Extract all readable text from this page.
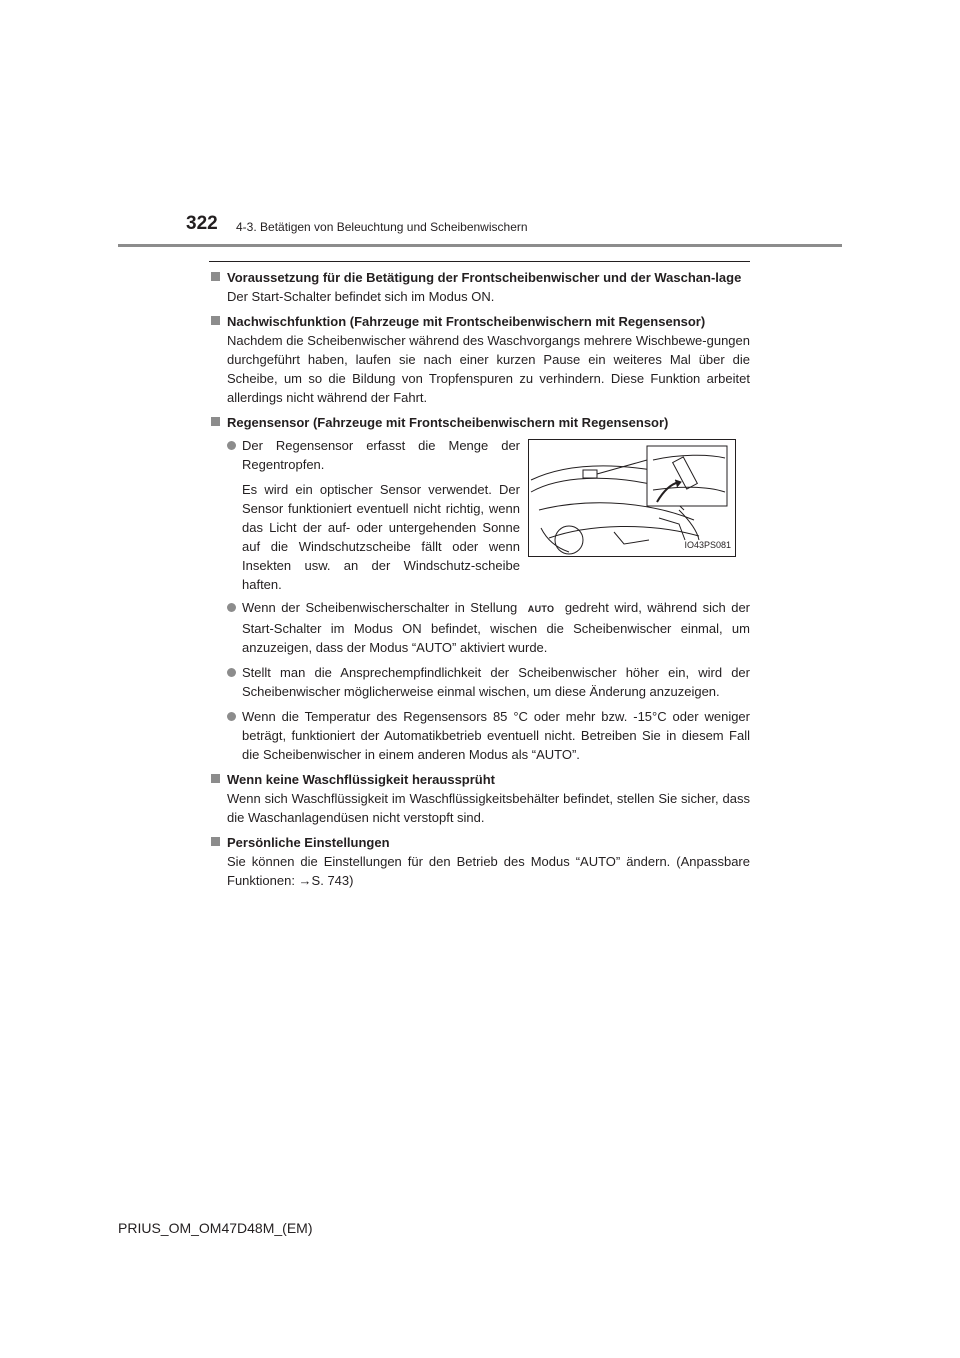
322 4-3. Betätigen von Beleuchtung und Scheibenwischern
Voraussetzung für die Betätigung der Frontscheibenwischer und der Waschan-lage
Der Start-Schalter befindet sich im Modus ON.
Nachwischfunktion (Fahrzeuge mit Frontscheibenwischern mit Regensensor)
Nachdem die Scheibenwischer während des Waschvorgangs mehrere Wischbewe-gungen durchgeführt haben, laufen sie nach einer kurzen Pause ein weiteres Mal über die Scheibe, um so die Bildung von Tropfenspuren zu verhindern. Diese Funktion arbeitet allerdings nicht während der Fahrt.
Regensensor (Fahrzeuge mit Frontscheibenwischern mit Regensensor)
Der Regensensor erfasst die Menge der Regentropfen.
Es wird ein optischer Sensor verwendet. Der Sensor funktioniert eventuell nicht richtig, wenn das Licht der auf- oder untergehenden Sonne auf die Windschutzscheibe fällt oder wenn Insekten usw. an der Windschutz-scheibe haften.
IO43PS081
Wenn der Scheibenwischerschalter in Stellung AUTO gedreht wird, während sich der Start-Schalter im Modus ON befindet, wischen die Scheibenwischer einmal, um anzuzeigen, dass der Modus “AUTO” aktiviert wurde.
Stellt man die Ansprechempfindlichkeit der Scheibenwischer höher ein, wird der Scheibenwischer möglicherweise einmal wischen, um diese Änderung anzuzeigen.
Wenn die Temperatur des Regensensors 85 °C oder mehr bzw. -15°C oder weniger beträgt, funktioniert der Automatikbetrieb eventuell nicht. Betreiben Sie in diesem Fall die Scheibenwischer in einem anderen Modus als “AUTO”.
Wenn keine Waschflüssigkeit heraussprüht
Wenn sich Waschflüssigkeit im Waschflüssigkeitsbehälter befindet, stellen Sie sicher, dass die Waschanlagendüsen nicht verstopft sind.
Persönliche Einstellungen
Sie können die Einstellungen für den Betrieb des Modus “AUTO” ändern. (Anpassbare Funktionen: →S. 743)
PRIUS_OM_OM47D48M_(EM)
